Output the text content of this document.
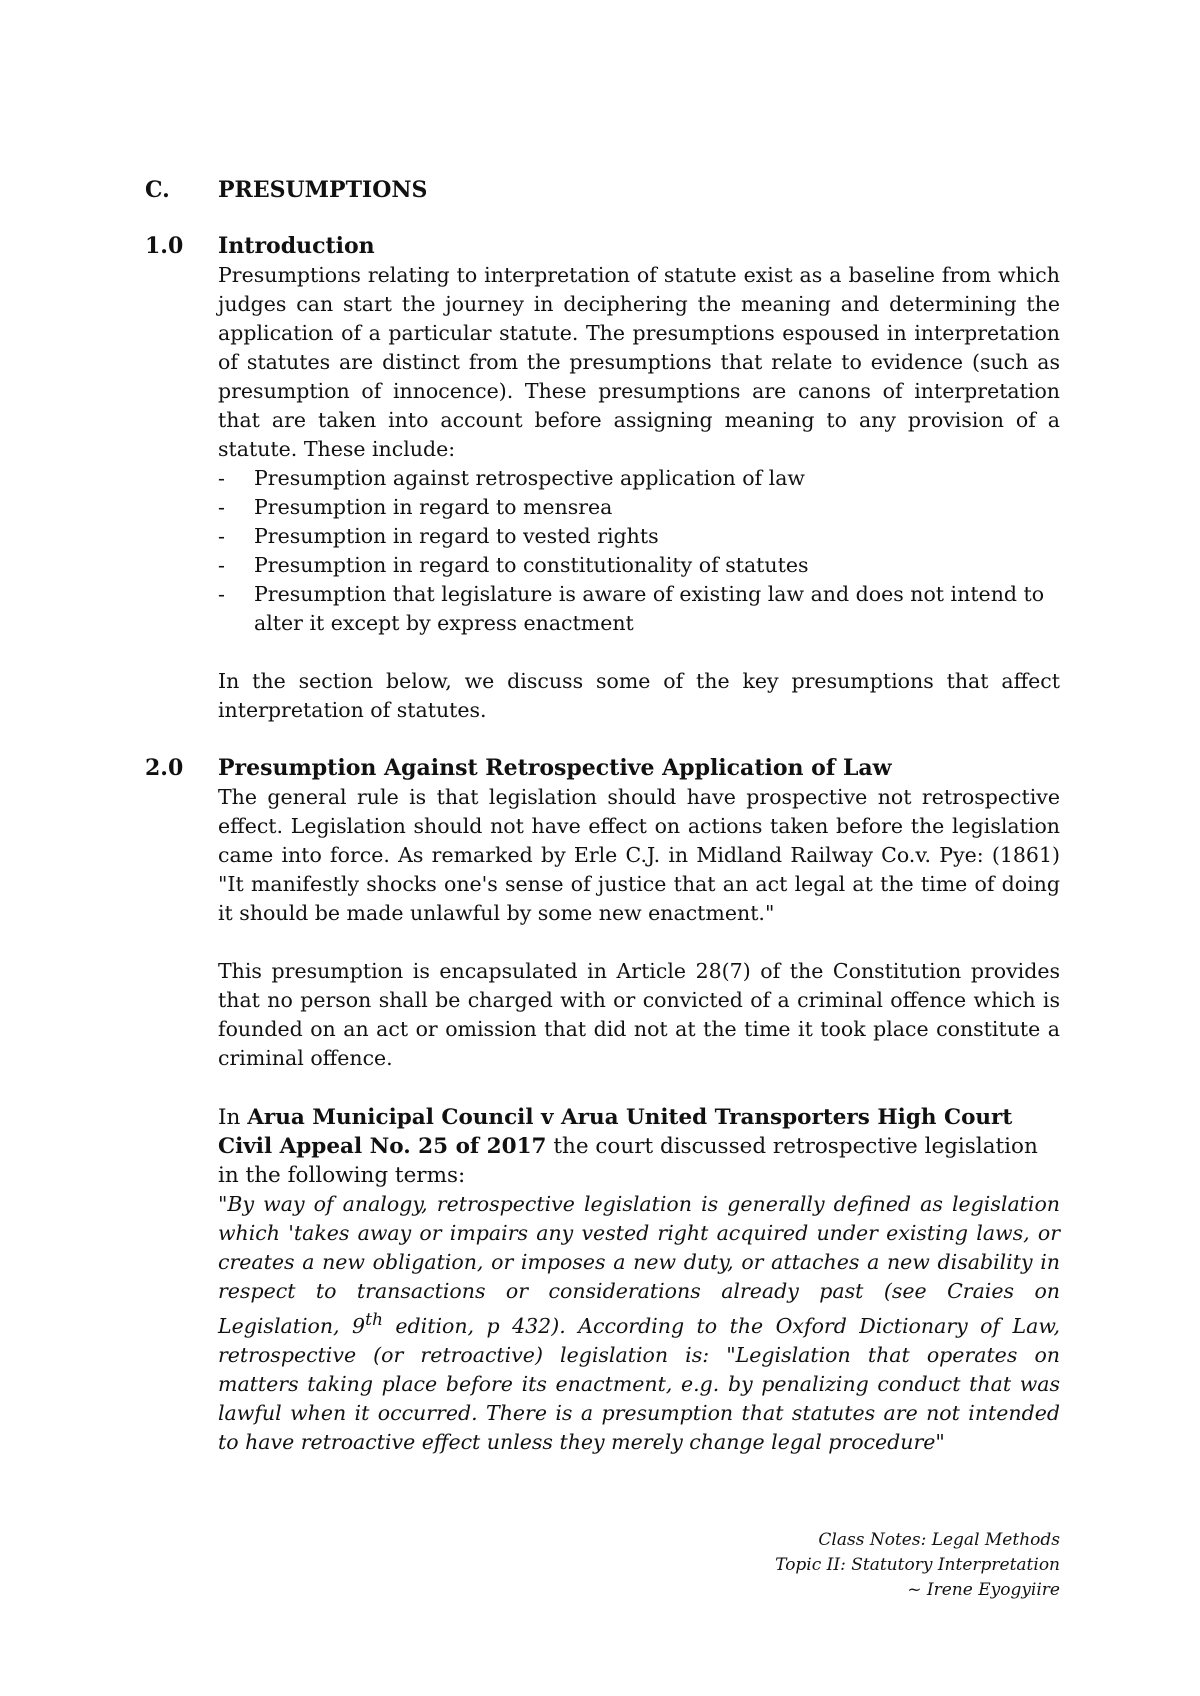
C.	PRESUMPTIONS
1.0	Introduction
Presumptions relating to interpretation of statute exist as a baseline from which judges can start the journey in deciphering the meaning and determining the application of a particular statute. The presumptions espoused in interpretation of statutes are distinct from the presumptions that relate to evidence (such as presumption of innocence). These presumptions are canons of interpretation that are taken into account before assigning meaning to any provision of a statute. These include:
- Presumption against retrospective application of law
- Presumption in regard to mensrea
- Presumption in regard to vested rights
- Presumption in regard to constitutionality of statutes
- Presumption that legislature is aware of existing law and does not intend to alter it except by express enactment
In the section below, we discuss some of the key presumptions that affect interpretation of statutes.
2.0	Presumption Against Retrospective Application of Law
The general rule is that legislation should have prospective not retrospective effect. Legislation should not have effect on actions taken before the legislation came into force. As remarked by Erle C.J. in Midland Railway Co.v. Pye: (1861) "It manifestly shocks one's sense of justice that an act legal at the time of doing it should be made unlawful by some new enactment."
This presumption is encapsulated in Article 28(7) of the Constitution provides that no person shall be charged with or convicted of a criminal offence which is founded on an act or omission that did not at the time it took place constitute a criminal offence.
In Arua Municipal Council v Arua United Transporters High Court Civil Appeal No. 25 of 2017 the court discussed retrospective legislation in the following terms:
"By way of analogy, retrospective legislation is generally defined as legislation which 'takes away or impairs any vested right acquired under existing laws, or creates a new obligation, or imposes a new duty, or attaches a new disability in respect to transactions or considerations already past (see Craies on Legislation, 9th edition, p 432). According to the Oxford Dictionary of Law, retrospective (or retroactive) legislation is: "Legislation that operates on matters taking place before its enactment, e.g. by penalizing conduct that was lawful when it occurred. There is a presumption that statutes are not intended to have retroactive effect unless they merely change legal procedure"
Class Notes: Legal Methods
Topic II: Statutory Interpretation
~ Irene Eyogyiire
